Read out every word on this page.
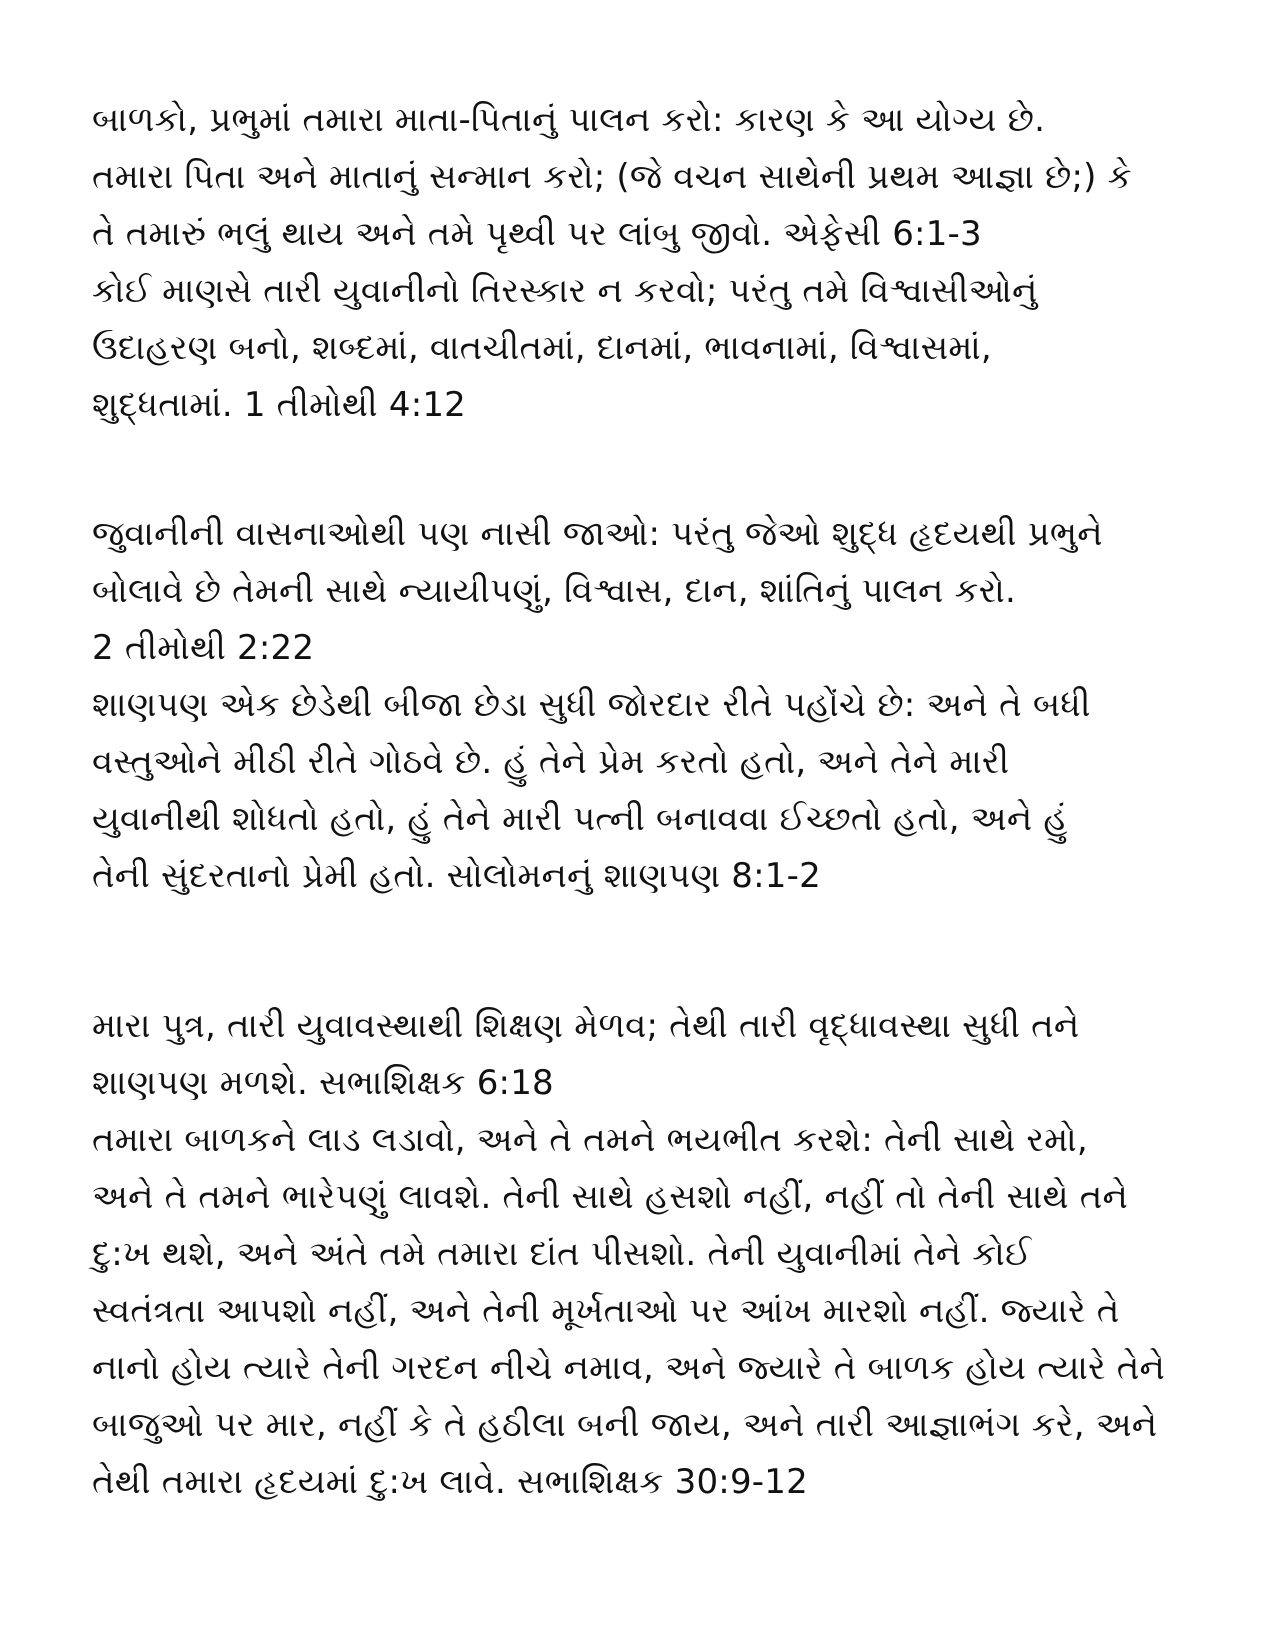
બાળકો, પ્રભુમાં તમારા માતા-પિતાનું પાલન કરો: કારણ કે આ યોગ્ય છે.
તમારા પિતા અને માતાનું સન્માન કરો; (જે વચન સાથેની પ્રથમ આજ્ઞા છે;) કે
તે તમારું ભલું થાય અને તમે પૃથ્વી પર લાંબુ જીવો. એફેસી 6:1-3
કોઈ માણસે તારી યુવાનીનો તિરસ્કાર ન કરવો; પરંતુ તમે વિશ્વાસીઓનું
ઉદાહરણ બનો, શબ્દમાં, વાતચીતમાં, દાનમાં, ભાવનામાં, વિશ્વાસમાં,
શુદ્ધતામાં. 1 તીમોથી 4:12
જુવાનીની વાસનાઓથી પણ નાસી જાઓ: પરંતુ જેઓ શુદ્ધ હૃદયથી પ્રભુને
બોલાવે છે તેમની સાથે ન્યાયીપણું, વિશ્વાસ, દાન, શાંતિનું પાલન કરો.
2 તીમોથી 2:22
શાણપણ એક છેડેથી બીજા છેડા સુધી જોરદાર રીતે પહોંચે છે: અને તે બધી
વસ્તુઓને મીઠી રીતે ગોઠવે છે. હું તેને પ્રેમ કરતો હતો, અને તેને મારી
યુવાનીથી શોધતો હતો, હું તેને મારી પત્ની બનાવવા ઈચ્છતો હતો, અને હું
તેની સુંદરતાનો પ્રેમી હતો. સોલોમનનું શાણપણ 8:1-2
મારા પુત્ર, તારી યુવાવસ્થાથી શિક્ષણ મેળવ; તેથી તારી વૃદ્ધાવસ્થા સુધી તને
શાણપણ મળશે. સભાશિક્ષક 6:18
તમારા બાળકને લાડ લડાવો, અને તે તમને ભયભીત કરશે: તેની સાથે રમો,
અને તે તમને ભારેપણું લાવશે. તેની સાથે હસશો નહીં, નહીં તો તેની સાથે તને
દુ:ખ થશે, અને અંતે તમે તમારા દાંત પીસશો. તેની યુવાનીમાં તેને કોઈ
સ્વતંત્રતા આપશો નહીં, અને તેની મૂર્ખતાઓ પર આંખ મારશો નહીં. જ્યારે તે
નાનો હોય ત્યારે તેની ગરદન નીચે નમાવ, અને જ્યારે તે બાળક હોય ત્યારે તેને
બાજુઓ પર માર, નહીં કે તે હઠીલા બની જાય, અને તારી આજ્ઞાભંગ કરે, અને
તેથી તમારા હૃદયમાં દુ:ખ લાવે. સભાશિક્ષક 30:9-12
